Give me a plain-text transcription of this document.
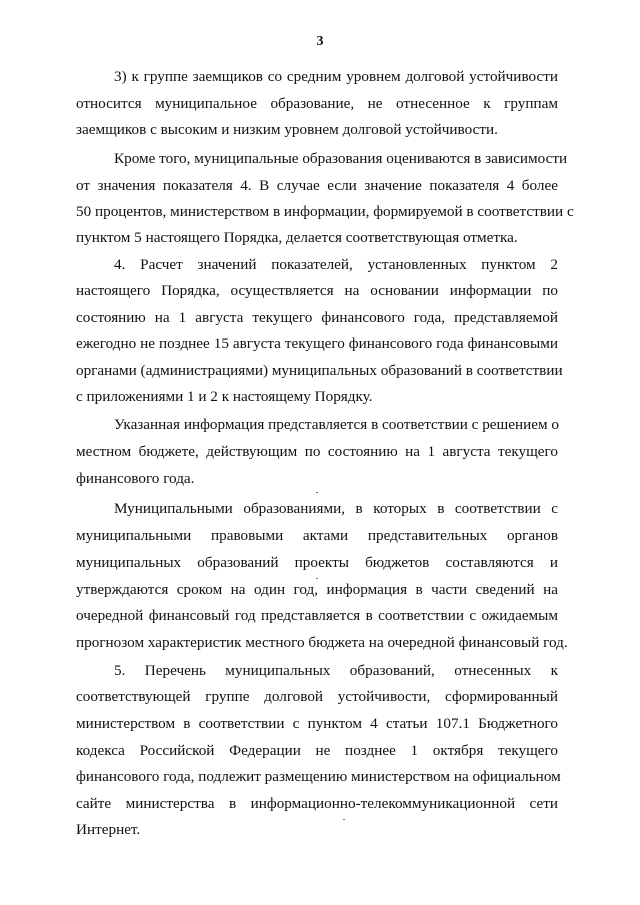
3
3) к группе заемщиков со средним уровнем долговой устойчивости
относится муниципальное образование, не отнесенное к группам
заемщиков с высоким и низким уровнем долговой устойчивости.
Кроме того, муниципальные образования оцениваются в зависимости
от значения показателя 4. В случае если значение показателя 4 более
50 процентов, министерством в информации, формируемой в соответствии с
пунктом 5 настоящего Порядка, делается соответствующая отметка.
4. Расчет значений показателей, установленных пунктом 2
настоящего Порядка, осуществляется на основании информации по
состоянию на 1 августа текущего финансового года, представляемой
ежегодно не позднее 15 августа текущего финансового года финансовыми
органами (администрациями) муниципальных образований в соответствии
с приложениями 1 и 2 к настоящему Порядку.
Указанная информация представляется в соответствии с решением о
местном бюджете, действующим по состоянию на 1 августа текущего
финансового года.
Муниципальными образованиями, в которых в соответствии с
муниципальными правовыми актами представительных органов
муниципальных образований проекты бюджетов составляются и
утверждаются сроком на один год, информация в части сведений на
очередной финансовый год представляется в соответствии с ожидаемым
прогнозом характеристик местного бюджета на очередной финансовый год.
5. Перечень муниципальных образований, отнесенных к
соответствующей группе долговой устойчивости, сформированный
министерством в соответствии с пунктом 4 статьи 107.1 Бюджетного
кодекса Российской Федерации не позднее 1 октября текущего
финансового года, подлежит размещению министерством на официальном
сайте министерства в информационно-телекоммуникационной сети
Интернет.
